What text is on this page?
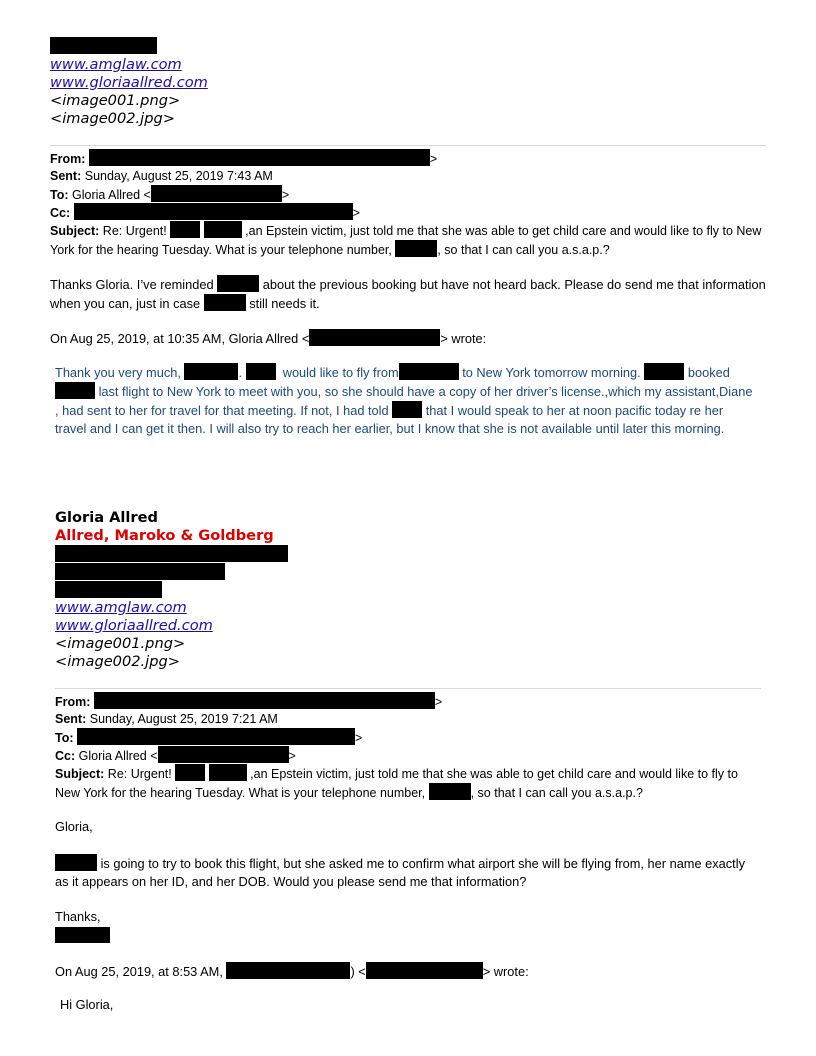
www.amglaw.com
www.gloriaallred.com
<image001.png>
<image002.jpg>
From:	>
Sent: Sunday, August 25, 2019 7:43 AM
To: Gloria Allred <	>
Cc:	>
Subject: Re: Urgent!	,an Epstein victim, just told me that she was able to get child care and would like to fly to New York for the hearing Tuesday. What is your telephone number,	, so that I can call you a.s.a.p.?
Thanks Gloria. I’ve reminded	about the previous booking but have not heard back. Please do send me that information when you can, just in case	still needs it.
On Aug 25, 2019, at 10:35 AM, Gloria Allred <	> wrote:
Thank you very much,	.	would like to fly from	to New York tomorrow morning.	booked  last flight to New York to meet with you, so she should have a copy of her driver’s license.,which my assistant,Diane , had sent to her for travel for that meeting. If not, I had told	that I would speak to her at noon pacific today re her travel and I can get it then. I will also try to reach her earlier, but I know that she is not available until later this morning.
Gloria Allred
Allred, Maroko & Goldberg
www.amglaw.com
www.gloriaallred.com
<image001.png>
<image002.jpg>
From:	>
Sent: Sunday, August 25, 2019 7:21 AM
To:	>
Cc: Gloria Allred <	>
Subject: Re: Urgent!	,an Epstein victim, just told me that she was able to get child care and would like to fly to New York for the hearing Tuesday. What is your telephone number,	, so that I can call you a.s.a.p.?
Gloria,
is going to try to book this flight, but she asked me to confirm what airport she will be flying from, her name exactly as it appears on her ID, and her DOB. Would you please send me that information?
Thanks,
On Aug 25, 2019, at 8:53 AM,	) <	> wrote:
Hi Gloria,
